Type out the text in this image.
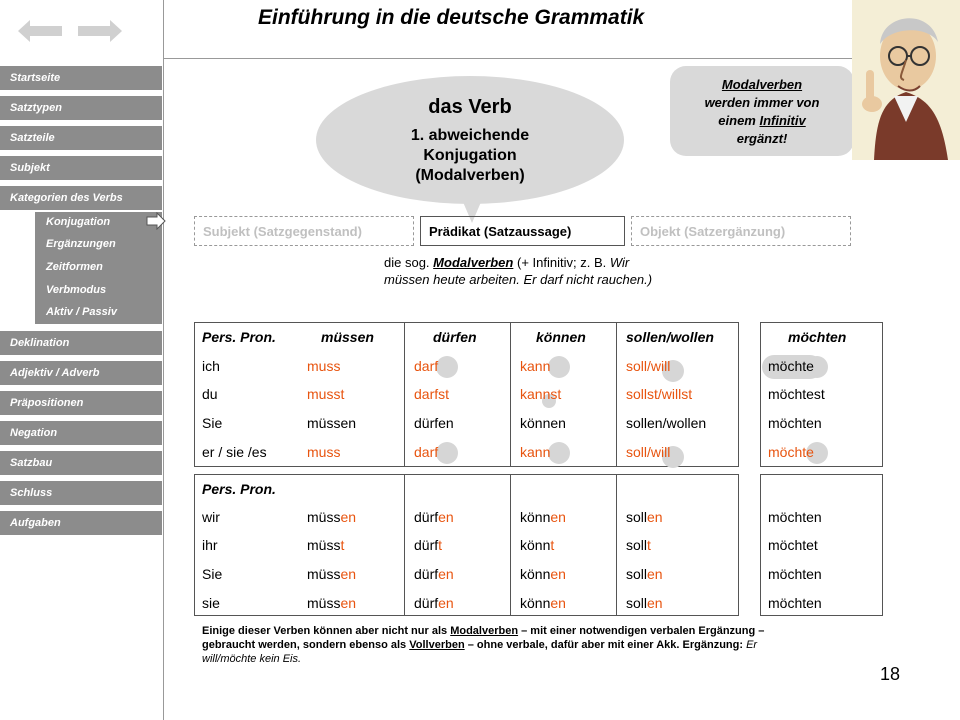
Einführung in die deutsche Grammatik
Startseite
Satztypen
Satzteile
Subjekt
Kategorien des Verbs
Konjugation
Ergänzungen
Zeitformen
Verbmodus
Aktiv / Passiv
Deklination
Adjektiv / Adverb
Präpositionen
Negation
Satzbau
Schluss
Aufgaben
das Verb
1. abweichende
Konjugation
(Modalverben)
Modalverben
werden immer von
einem Infinitiv
ergänzt!
Subjekt (Satzgegenstand)	Prädikat (Satzaussage)	Objekt (Satzergänzung)
die sog. Modalverben (+ Infinitiv; z. B. Wir müssen heute arbeiten. Er darf nicht rauchen.)
Pers. Pron.	müssen	dürfen	können	sollen/wollen	möchten
ich	muss	darf	kann	soll/will	möchte
du	musst	darfst	kannst	sollst/willst	möchtest
Sie	müssen	dürfen	können	sollen/wollen	möchten
er / sie /es	muss	darf	kann	soll/will	möchte
Pers. Pron.
wir	müssen	dürfen	können	sollen	möchten
ihr	müsst	dürft	könnt	sollt	möchtet
Sie	müssen	dürfen	können	sollen	möchten
sie	müssen	dürfen	können	sollen	möchten
Einige dieser Verben können aber nicht nur als Modalverben – mit einer notwendigen verbalen Ergänzung – gebraucht werden, sondern ebenso als Vollverben – ohne verbale, dafür aber mit einer Akk. Ergänzung: Er will/möchte kein Eis.
18
